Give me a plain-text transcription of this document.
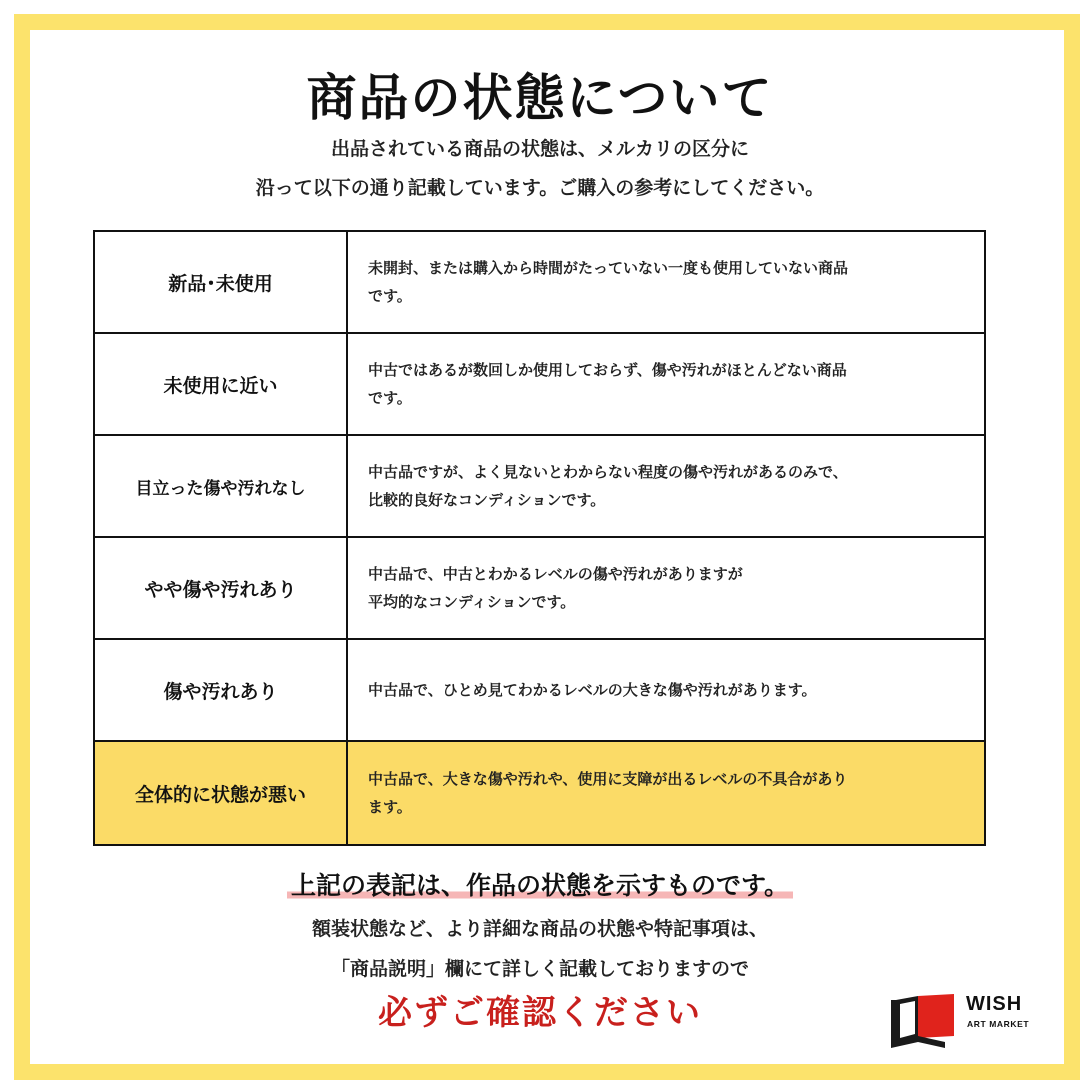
商品の状態について
出品されている商品の状態は、メルカリの区分に
沿って以下の通り記載しています。ご購入の参考にしてください。
新品･未使用
未開封、または購入から時間がたっていない一度も使用していない商品
です。
未使用に近い
中古ではあるが数回しか使用しておらず、傷や汚れがほとんどない商品
です。
目立った傷や汚れなし
中古品ですが、よく見ないとわからない程度の傷や汚れがあるのみで、
比較的良好なコンディションです。
やや傷や汚れあり
中古品で、中古とわかるレベルの傷や汚れがありますが
平均的なコンディションです。
傷や汚れあり	中古品で、ひとめ見てわかるレベルの大きな傷や汚れがあります。
全体的に状態が悪い
中古品で、大きな傷や汚れや、使用に支障が出るレベルの不具合があり
ます。
上記の表記は、作品の状態を示すものです。
額装状態など、より詳細な商品の状態や特記事項は、
「商品説明」欄にて詳しく記載しておりますので
必ずご確認ください	WISH
ART MARKET
